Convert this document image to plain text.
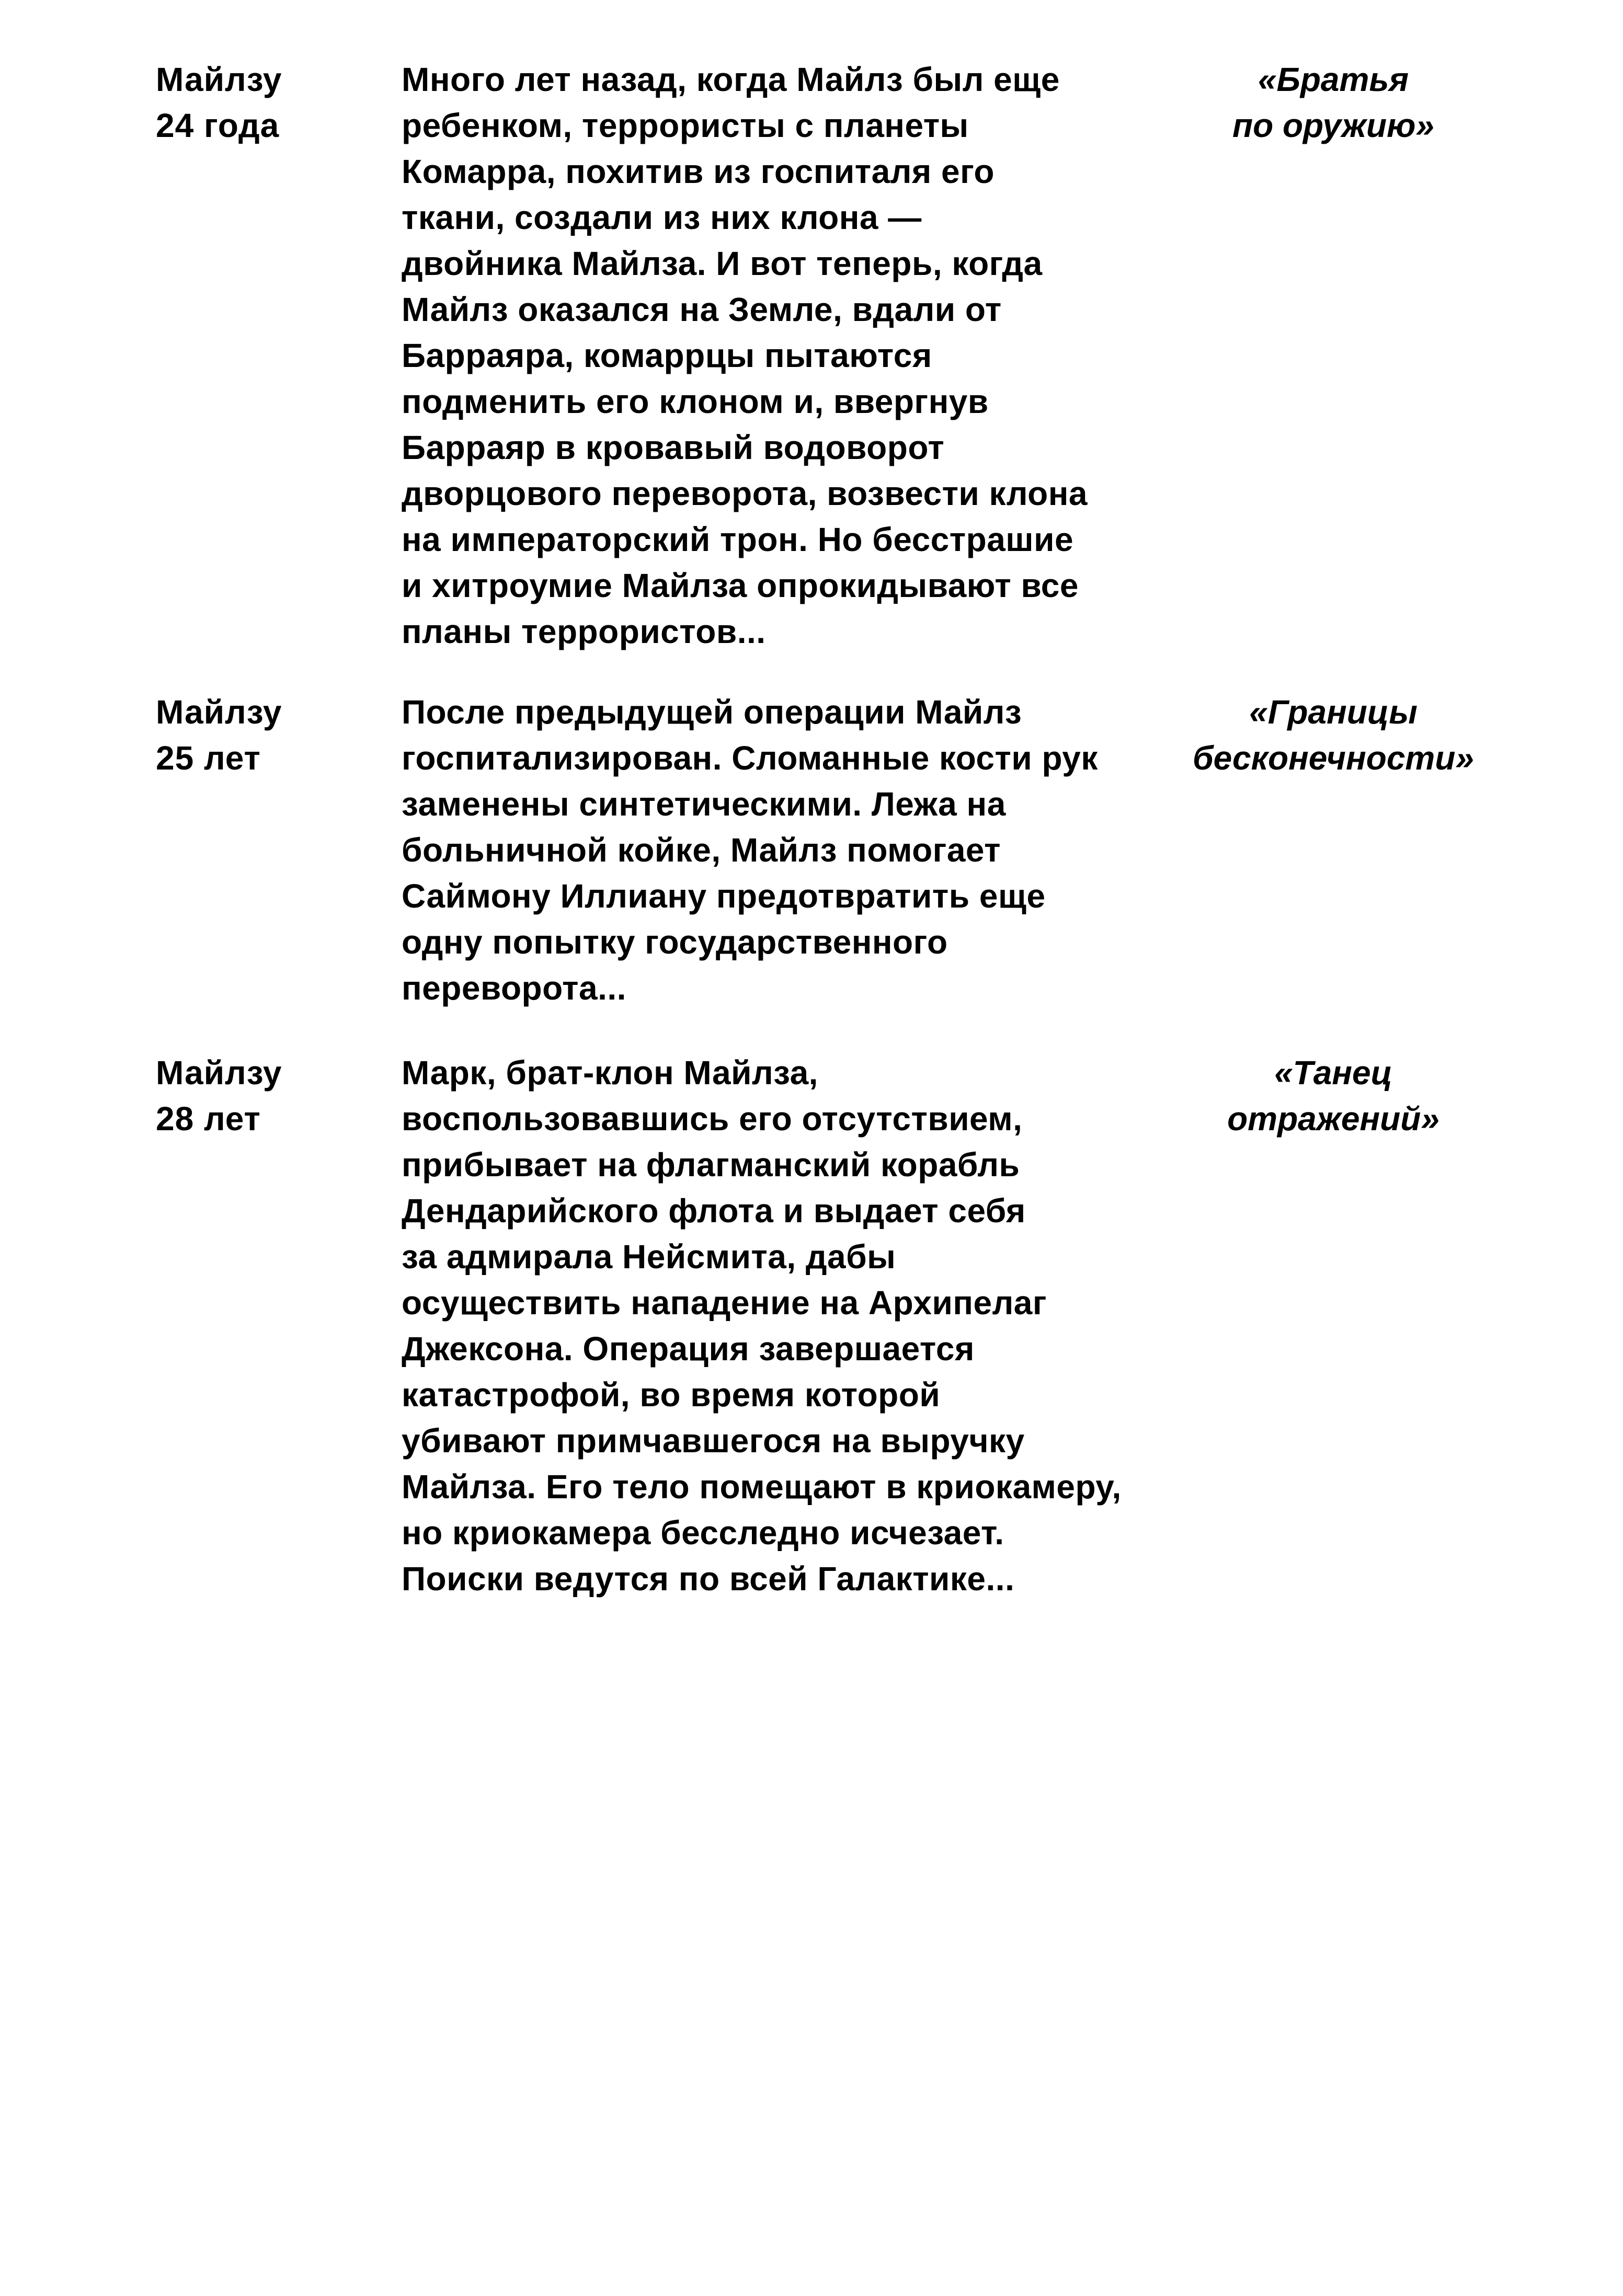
Майлзу
24 года
Много лет назад, когда Майлз был еще
ребенком, террористы с планеты
Комарра, похитив из госпиталя его
ткани, создали из них клона —
двойника Майлза. И вот теперь, когда
Майлз оказался на Земле, вдали от
Барраяра, комаррцы пытаются
подменить его клоном и, ввергнув
Барраяр в кровавый водоворот
дворцового переворота, возвести клона
на императорский трон. Но бесстрашие
и хитроумие Майлза опрокидывают все
планы террористов...
«Братья
по оружию»
Майлзу
25 лет
После предыдущей операции Майлз
госпитализирован. Сломанные кости рук
заменены синтетическими. Лежа на
больничной койке, Майлз помогает
Саймону Иллиану предотвратить еще
одну попытку государственного
переворота...
«Границы
бесконечности»
Майлзу
28 лет
Марк, брат-клон Майлза,
воспользовавшись его отсутствием,
прибывает на флагманский корабль
Дендарийского флота и выдает себя
за адмирала Нейсмита, дабы
осуществить нападение на Архипелаг
Джексона. Операция завершается
катастрофой, во время которой
убивают примчавшегося на выручку
Майлза. Его тело помещают в криокамеру,
но криокамера бесследно исчезает.
Поиски ведутся по всей Галактике...
«Танец
отражений»
